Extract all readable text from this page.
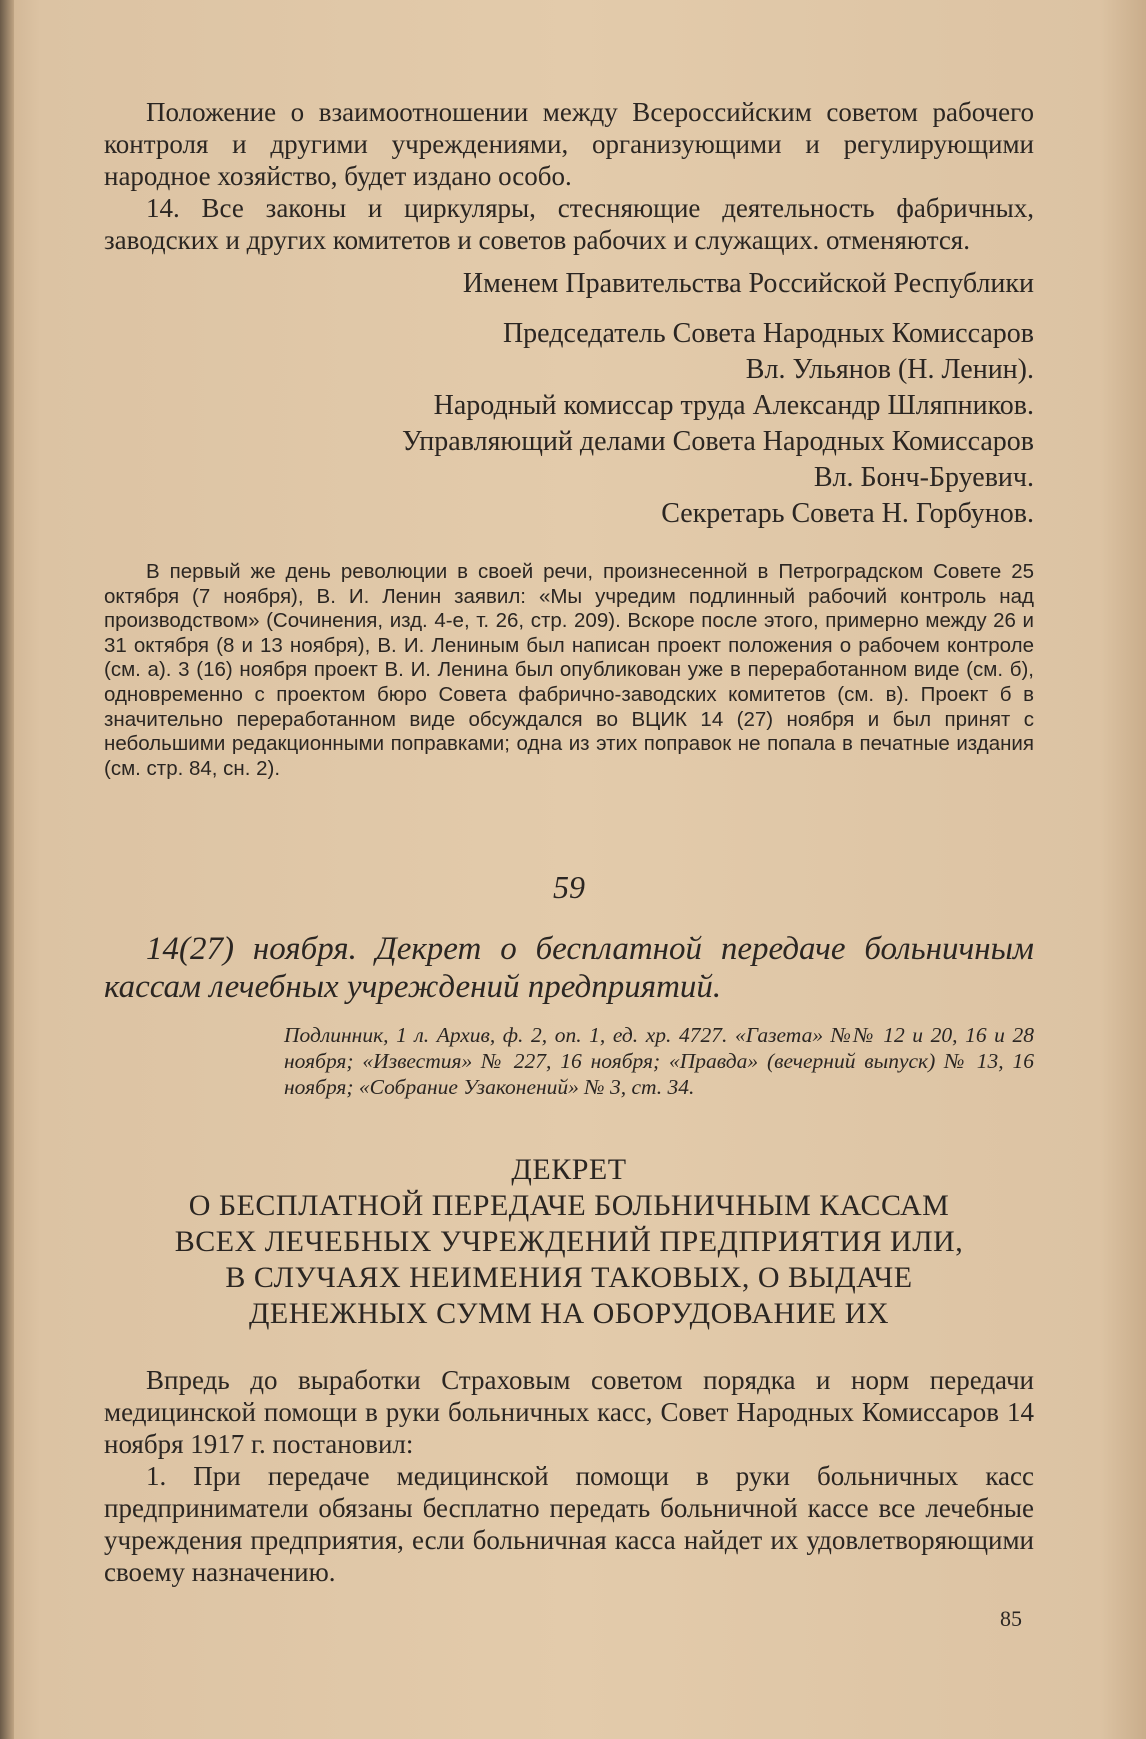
Положение о взаимоотношении между Всероссийским советом рабочего контроля и другими учреждениями, организующими и регулирующими народное хозяйство, будет издано особо.

14. Все законы и циркуляры, стесняющие деятельность фабричных, заводских и других комитетов и советов рабочих и служащих. отменяются.

Именем Правительства Российской Республики

Председатель Совета Народных Комиссаров

Вл. Ульянов (Н. Ленин).

Народный комиссар труда Александр Шляпников.

Управляющий делами Совета Народных Комиссаров

Вл. Бонч-Бруевич.

Секретарь Совета Н. Горбунов.

В первый же день революции в своей речи, произнесенной в Петроградском Совете 25 октября (7 ноября), В. И. Ленин заявил: «Мы учредим подлинный рабочий контроль над производством» (Сочинения, изд. 4-е, т. 26, стр. 209). Вскоре после этого, примерно между 26 и 31 октября (8 и 13 ноября), В. И. Лениным был написан проект положения о рабочем контроле (см. а). 3 (16) ноября проект В. И. Ленина был опубликован уже в переработанном виде (см. б), одновременно с проектом бюро Совета фабрично-заводских комитетов (см. в). Проект б в значительно переработанном виде обсуждался во ВЦИК 14 (27) ноября и был принят с небольшими редакционными поправками; одна из этих поправок не попала в печатные издания (см. стр. 84, сн. 2).

59

14(27) ноября. Декрет о бесплатной передаче больничным кассам лечебных учреждений предприятий.

Подлинник, 1 л. Архив, ф. 2, оп. 1, ед. хр. 4727. «Газета» №№ 12 и 20, 16 и 28 ноября; «Известия» № 227, 16 ноября; «Правда» (вечерний выпуск) № 13, 16 ноября; «Собрание Узаконений» № 3, ст. 34.

ДЕКРЕТ
О БЕСПЛАТНОЙ ПЕРЕДАЧЕ БОЛЬНИЧНЫМ КАССАМ
ВСЕХ ЛЕЧЕБНЫХ УЧРЕЖДЕНИЙ ПРЕДПРИЯТИЯ ИЛИ,
В СЛУЧАЯХ НЕИМЕНИЯ ТАКОВЫХ, О ВЫДАЧЕ
ДЕНЕЖНЫХ СУММ НА ОБОРУДОВАНИЕ ИХ

Впредь до выработки Страховым советом порядка и норм передачи медицинской помощи в руки больничных касс, Совет Народных Комиссаров 14 ноября 1917 г. постановил:

1. При передаче медицинской помощи в руки больничных касс предприниматели обязаны бесплатно передать больничной кассе все лечебные учреждения предприятия, если больничная касса найдет их удовлетворяющими своему назначению.

85
